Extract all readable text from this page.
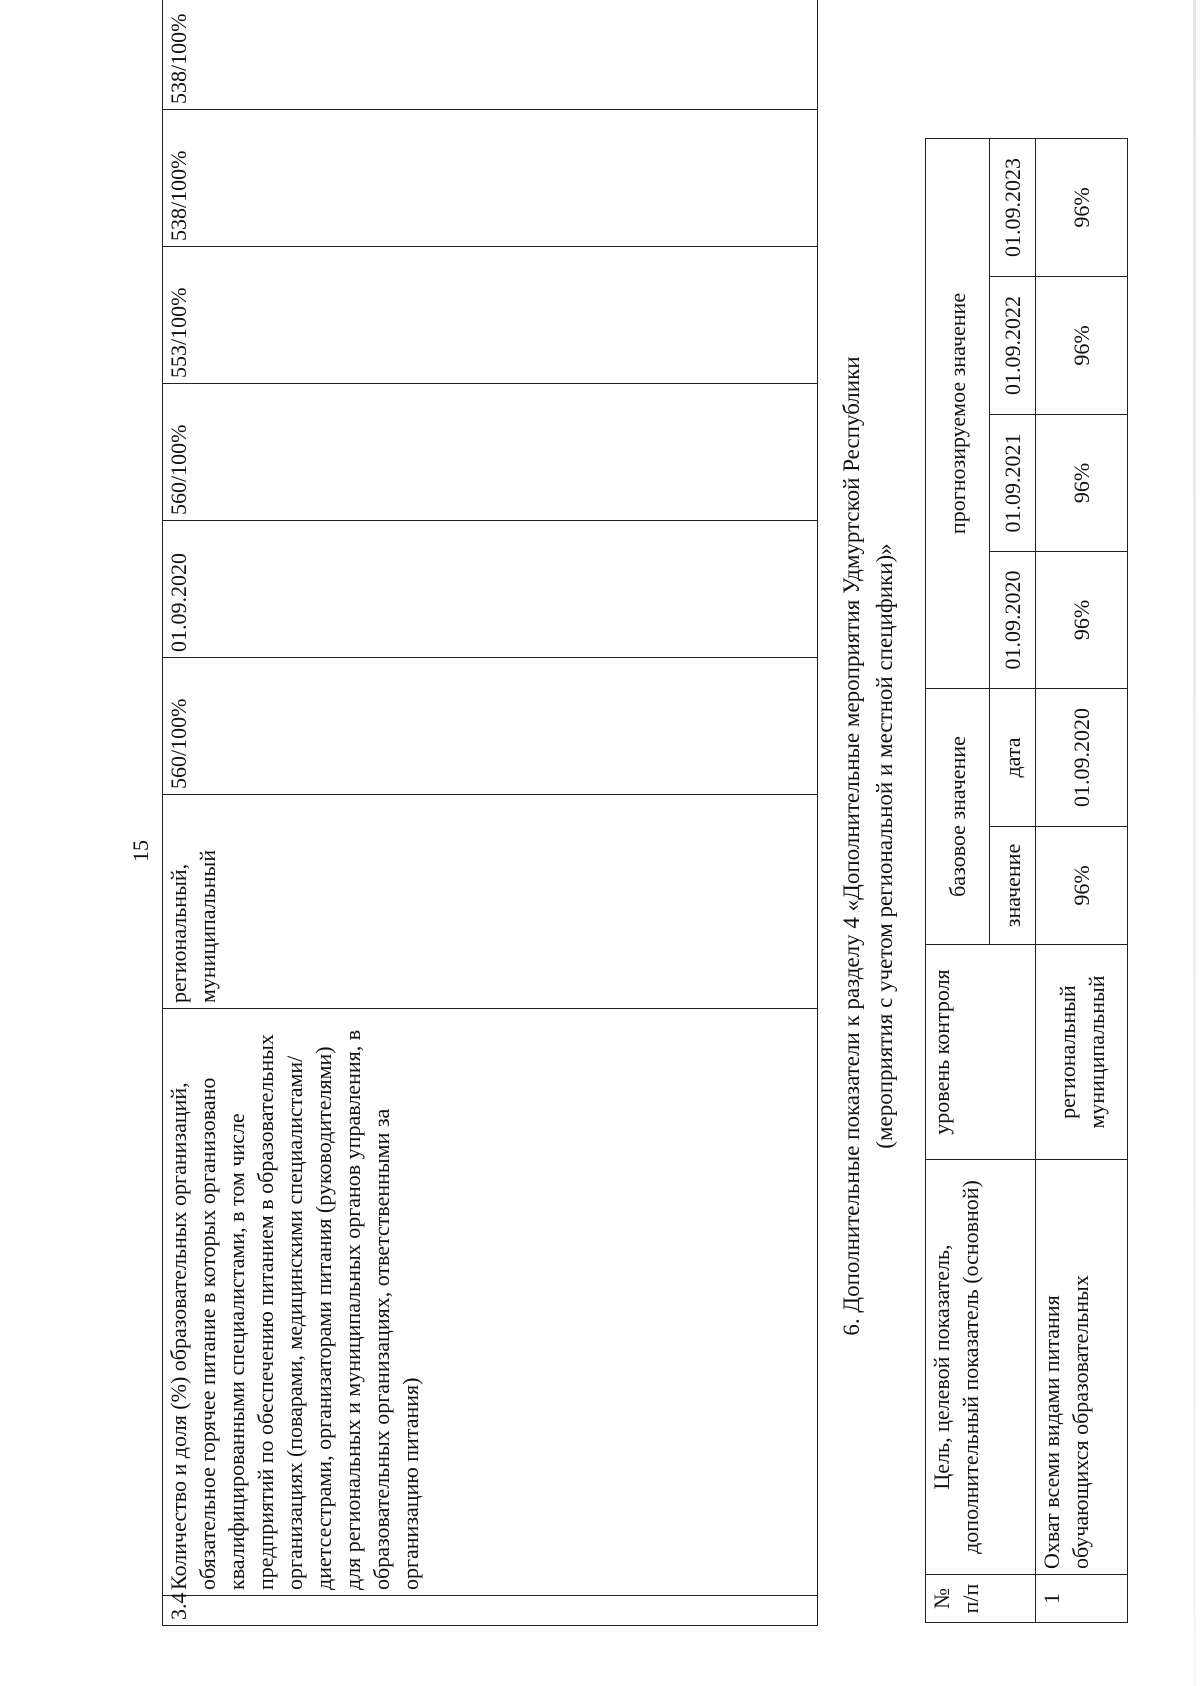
15
3.4	Количество и доля (%) образовательных организаций, обязательное горячее питание в которых организовано квалифицированными специалистами, в том числе предприятий по обеспечению питанием в образовательных организациях (поварами, медицинскими специалистами/диетсестрами, организаторами питания (руководителями) для региональных и муниципальных органов управления, в образовательных организациях, ответственными за организацию питания)	региональный, муниципальный	560/100%	01.09.2020	560/100%	553/100%	538/100%	538/100%
6. Дополнительные показатели к разделу 4 «Дополнительные мероприятия Удмуртской Республики (мероприятия с учетом региональной и местной специфики)»
№ п/п	Цель, целевой показатель, дополнительный показатель (основной)	уровень контроля	базовое значение		прогнозируемое значение			
			значение	дата	01.09.2020	01.09.2021	01.09.2022	01.09.2023
1	Охват всеми видами питания обучающихся образовательных	региональный муниципальный	96%	01.09.2020	96%	96%	96%	96%
